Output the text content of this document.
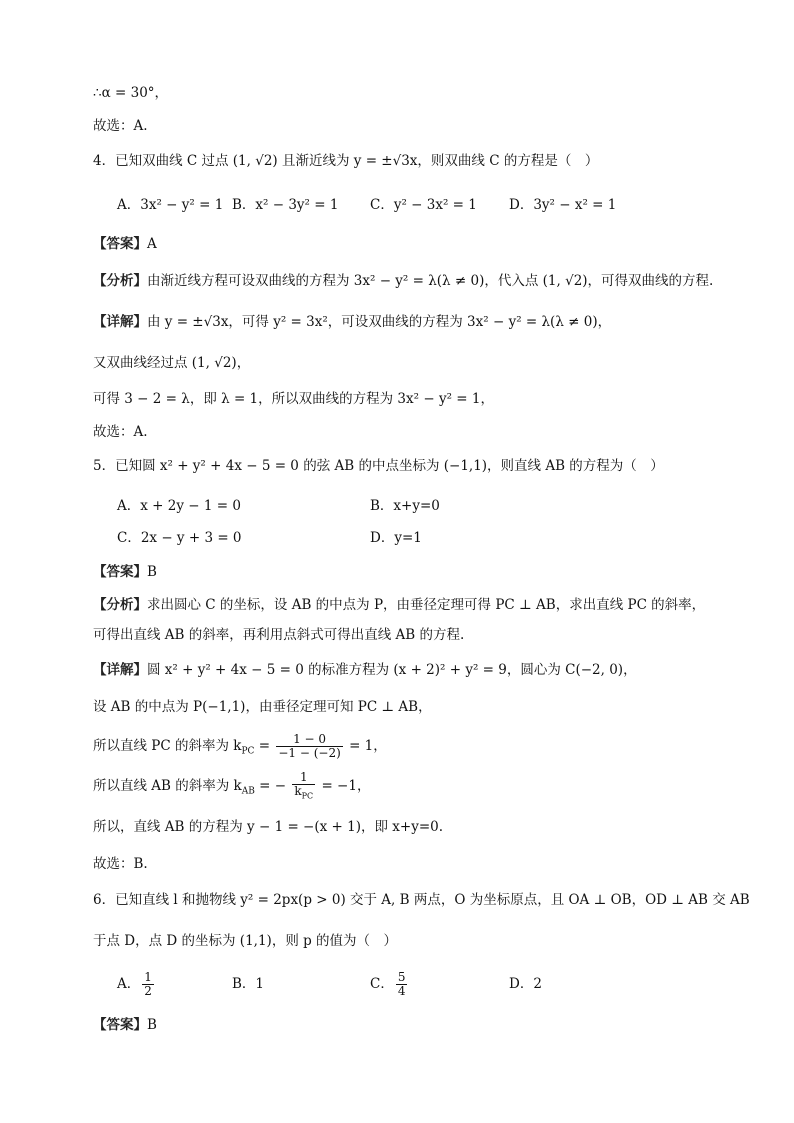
∴α = 30°，
故选：A.
4．已知双曲线 C 过点 (1, √2) 且渐近线为 y = ±√3x，则双曲线 C 的方程是（　）
A．3x² − y² = 1 B．x² − 3y² = 1 C．y² − 3x² = 1 D．3y² − x² = 1
【答案】A
【分析】由渐近线方程可设双曲线的方程为 3x² − y² = λ(λ ≠ 0)，代入点 (1, √2)，可得双曲线的方程.
【详解】由 y = ±√3x，可得 y² = 3x²，可设双曲线的方程为 3x² − y² = λ(λ ≠ 0)，
又双曲线经过点 (1, √2)，
可得 3 − 2 = λ，即 λ = 1，所以双曲线的方程为 3x² − y² = 1，
故选：A.
5．已知圆 x² + y² + 4x − 5 = 0 的弦 AB 的中点坐标为 (−1,1)，则直线 AB 的方程为（　）
A．x + 2y − 1 = 0	B．x+y=0
C．2x − y + 3 = 0	D．y=1
【答案】B
【分析】求出圆心 C 的坐标，设 AB 的中点为 P，由垂径定理可得 PC ⊥ AB，求出直线 PC 的斜率，
可得出直线 AB 的斜率，再利用点斜式可得出直线 AB 的方程.
【详解】圆 x² + y² + 4x − 5 = 0 的标准方程为 (x + 2)² + y² = 9，圆心为 C(−2, 0)，
设 AB 的中点为 P(−1,1)，由垂径定理可知 PC ⊥ AB，
所以直线 PC 的斜率为 $k_{PC} = \frac{1 - 0}{-1 - (-2)} = 1$，
所以直线 AB 的斜率为 $k_{AB}$ = − $\frac{1}{k_{PC}} = -1$，
所以，直线 AB 的方程为 y − 1 = −(x + 1)，即 x+y=0.
故选：B.
6．已知直线 l 和抛物线 y² = 2px(p > 0) 交于 A, B 两点，O 为坐标原点，且 OA ⊥ OB，OD ⊥ AB 交 AB
于点 D，点 D 的坐标为 (1,1)，则 p 的值为（　）
A． $\frac{1}{2}$	B．1	C． $\frac{5}{4}$	D．2
【答案】B
